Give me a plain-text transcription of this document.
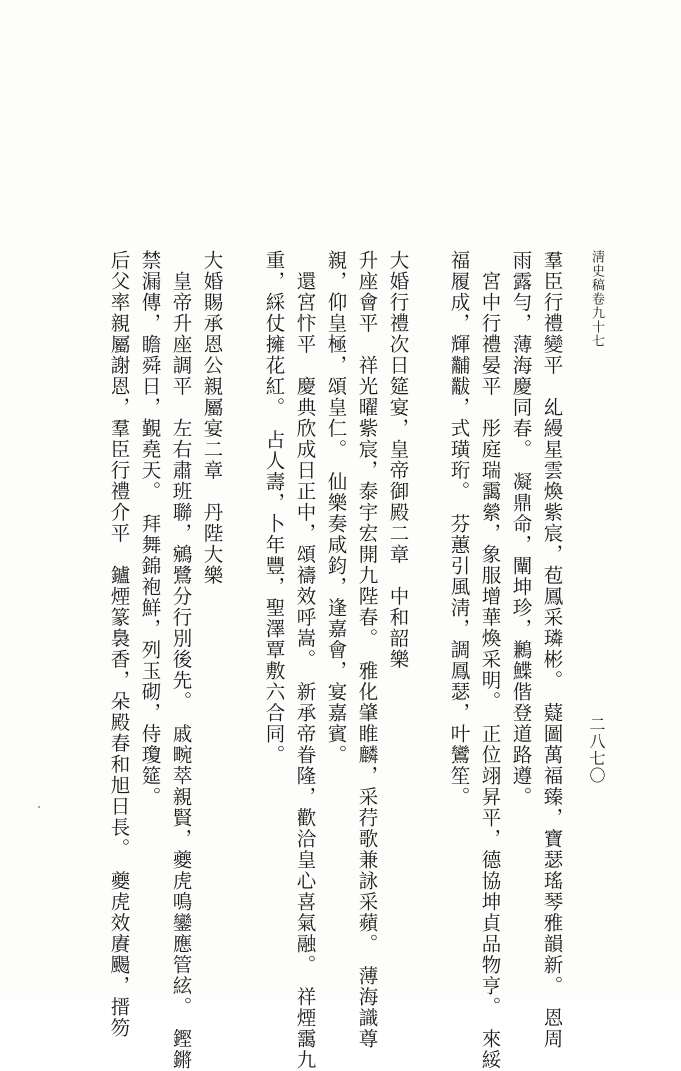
淸史稿卷九十七
二八七〇
羣臣行禮變平　乣縵星雲煥紫宸，苞鳳采璘彬。　薿圖萬福臻，寶瑟瑤琴雅韻新。　恩周
雨露勻，薄海慶同春。　凝鼎命，闡坤珍，鶼鰈偕登道路遵。
　宮中行禮晏平　彤庭瑞靄縈，象服增華煥采明。　正位翊昇平，德協坤貞品物亨。　來綏
福履成，輝黼黻，式璜珩。　芬蕙引風淸，調鳳瑟，叶鸞笙。
大婚行禮次日筵宴，皇帝御殿二章　中和韶樂
升座會平　祥光曜紫宸，泰宇宏開九陛春。　雅化肇睢麟，采荇歌兼詠采蘋。　薄海識尊
親，仰皇極，頌皇仁。　仙樂奏咸鈞，逢嘉會，宴嘉賓。
　還宮忭平　慶典欣成日正中，頌禱效呼嵩。　新承帝眷隆，歡洽皇心喜氣融。　祥煙靄九
重，綵仗擁花紅。　占人壽，卜年豐，聖澤覃敷六合同。
大婚賜承恩公親屬宴二章　丹陛大樂
　皇帝升座調平　左右肅班聯，鵷鷺分行別後先。　戚畹萃親賢，夔虎鳴鑾應管絃。　鏗鏘
禁漏傳，瞻舜日，覲堯天。　拜舞錦袍鮮，列玉砌，侍瓊筵。
后父率親屬謝恩，羣臣行禮介平　鑪煙篆裊香，朵殿春和旭日長。　夔虎效賡颺，搢笏
